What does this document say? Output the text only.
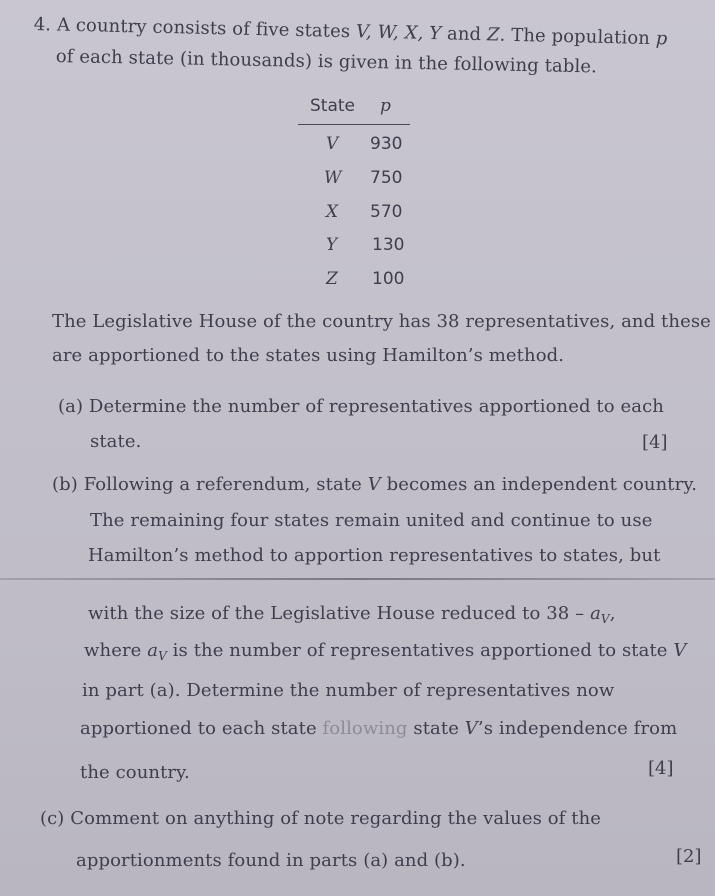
4. A country consists of five states V, W, X, Y and Z. The population p
of each state (in thousands) is given in the following table.
State p
V 930
W 750
X 570
Y 130
Z 100
The Legislative House of the country has 38 representatives, and these
are apportioned to the states using Hamilton’s method.
(a) Determine the number of representatives apportioned to each
state.	[4]
(b) Following a referendum, state V becomes an independent country.
The remaining four states remain united and continue to use
Hamilton’s method to apportion representatives to states, but
with the size of the Legislative House reduced to $38 - a_V$,
where $a_V$ is the number of representatives apportioned to state V
in part (a). Determine the number of representatives now
apportioned to each state following state V’s independence from
the country.	[4]
(c) Comment on anything of note regarding the values of the
apportionments found in parts (a) and (b).	[2]
